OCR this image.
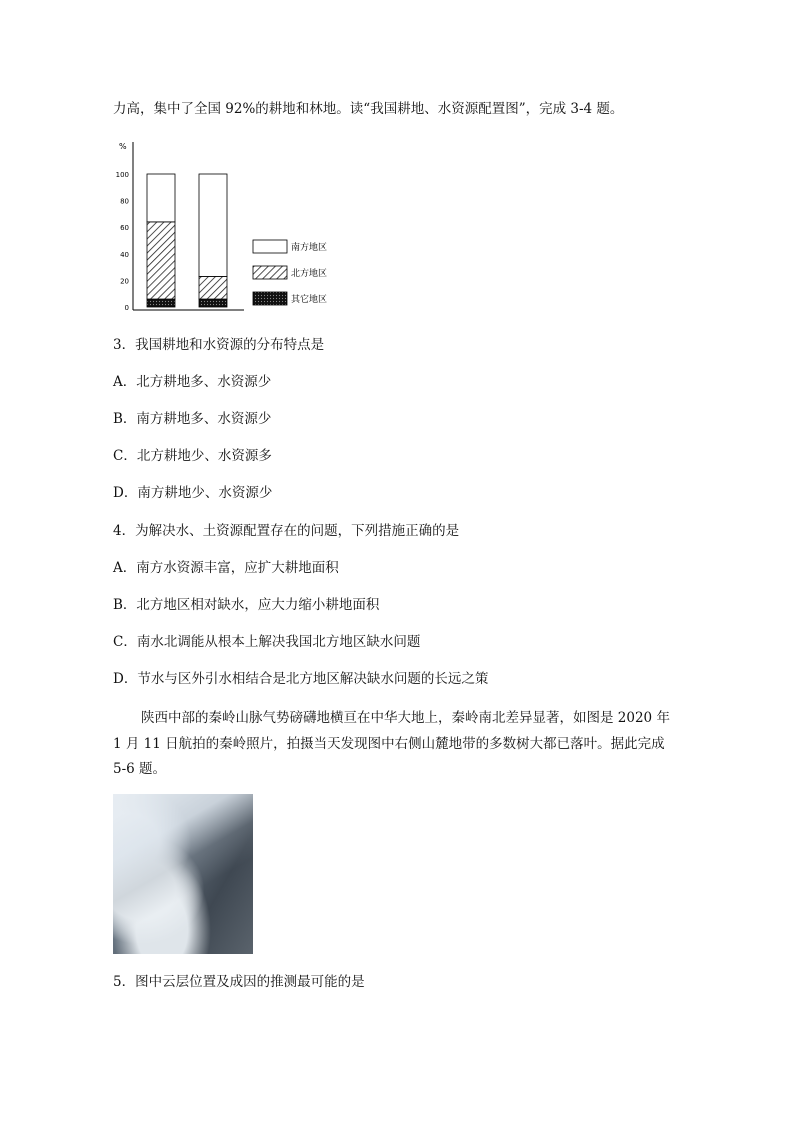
力高，集中了全国 92%的耕地和林地。读“我国耕地、水资源配置图”，完成 3-4 题。
%
0
20
40
60
80
100
南方地区
北方地区
其它地区
3．我国耕地和水资源的分布特点是
A．北方耕地多、水资源少
B．南方耕地多、水资源少
C．北方耕地少、水资源多
D．南方耕地少、水资源少
4．为解决水、土资源配置存在的问题，下列措施正确的是
A．南方水资源丰富，应扩大耕地面积
B．北方地区相对缺水，应大力缩小耕地面积
C．南水北调能从根本上解决我国北方地区缺水问题
D．节水与区外引水相结合是北方地区解决缺水问题的长远之策
陕西中部的秦岭山脉气势磅礴地横亘在中华大地上，秦岭南北差异显著，如图是 2020 年
1 月 11 日航拍的秦岭照片，拍摄当天发现图中右侧山麓地带的多数树大都已落叶。据此完成
5-6 题。
5．图中云层位置及成因的推测最可能的是
